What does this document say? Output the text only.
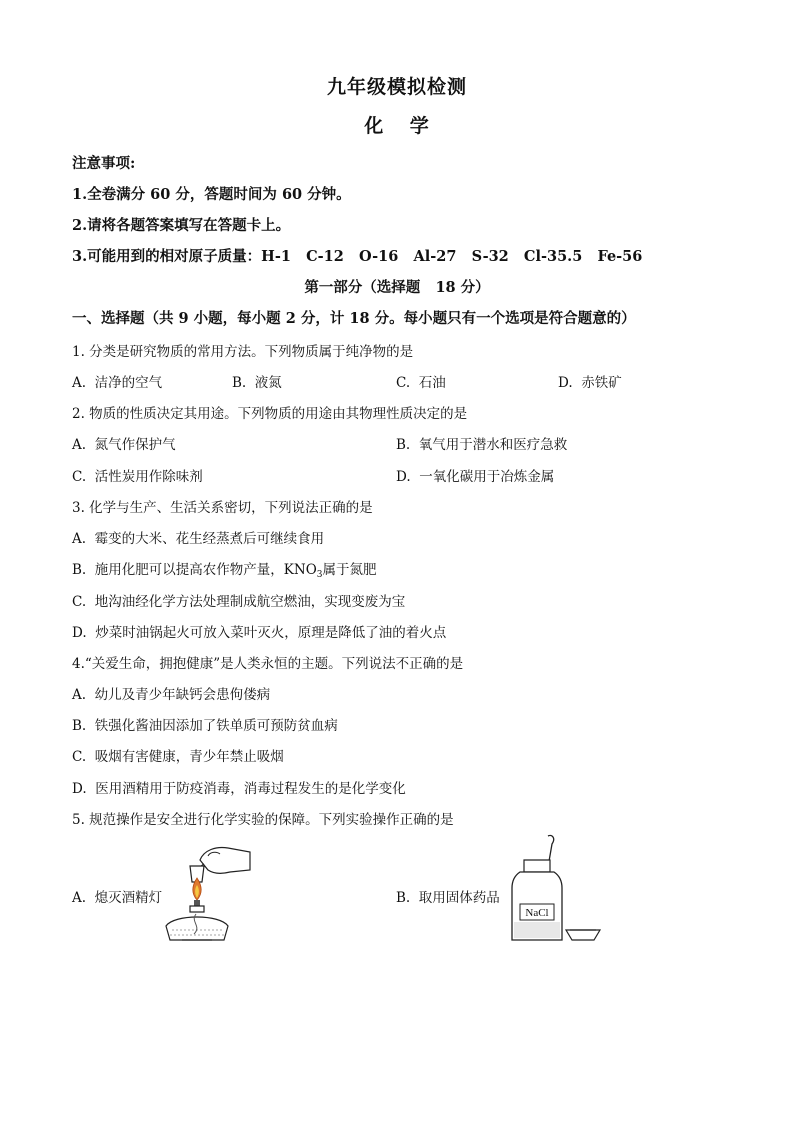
九年级模拟检测
化 学
注意事项:
1.全卷满分 60 分，答题时间为 60 分钟。
2.请将各题答案填写在答题卡上。
3.可能用到的相对原子质量：H-1   C-12   O-16   Al-27   S-32   Cl-35.5   Fe-56
第一部分（选择题   18 分）
一、选择题（共 9 小题，每小题 2 分，计 18 分。每小题只有一个选项是符合题意的）
1. 分类是研究物质的常用方法。下列物质属于纯净物的是
A.  洁净的空气	B.  液氮	C.  石油	D.  赤铁矿
2. 物质的性质决定其用途。下列物质的用途由其物理性质决定的是
A.  氮气作保护气	B.  氧气用于潜水和医疗急救
C.  活性炭用作除味剂	D.  一氧化碳用于冶炼金属
3. 化学与生产、生活关系密切，下列说法正确的是
A.  霉变的大米、花生经蒸煮后可继续食用
B.  施用化肥可以提高农作物产量，$KNO_3$属于氮肥
C.  地沟油经化学方法处理制成航空燃油，实现变废为宝
D.  炒菜时油锅起火可放入菜叶灭火，原理是降低了油的着火点
4.“关爱生命，拥抱健康”是人类永恒的主题。下列说法不正确的是
A.  幼儿及青少年缺钙会患佝偻病
B.  铁强化酱油因添加了铁单质可预防贫血病
C.  吸烟有害健康，青少年禁止吸烟
D.  医用酒精用于防疫消毒，消毒过程发生的是化学变化
5. 规范操作是安全进行化学实验的保障。下列实验操作正确的是
A.  熄灭酒精灯	B.  取用固体药品
NaCl
